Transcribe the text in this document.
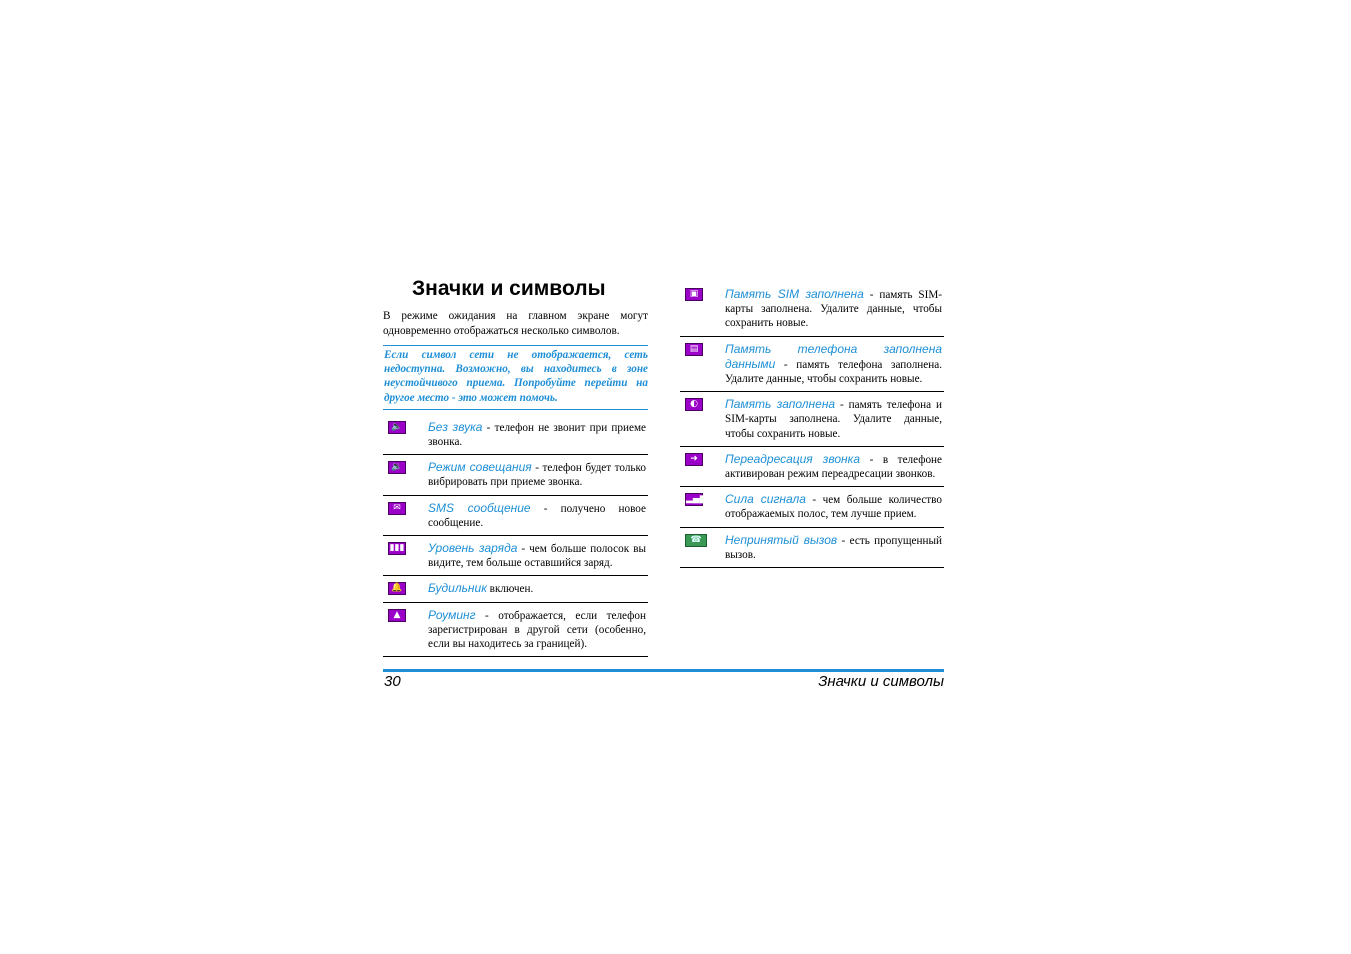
Значки и символы
В режиме ожидания на главном экране могут одновременно отображаться несколько символов.
Если символ сети не отображается, сеть недоступна. Возможно, вы находитесь в зоне неустойчивого приема. Попробуйте перейти на другое место - это может помочь.
🔈	Без звука - телефон не звонит при приеме звонка.

🔉	Режим совещания - телефон будет только вибрировать при приеме звонка.

✉	SMS сообщение - получено новое сообщение.

▮▮▮	Уровень заряда - чем больше полосок вы видите, тем больше оставшийся заряд.

🔔	Будильник включен.

▲	Роуминг - отображается, если телефон зарегистрирован в другой сети (особенно, если вы находитесь за границей).
▣	Память SIM заполнена - память SIM-карты заполнена. Удалите данные, чтобы сохранить новые.

▤	Память телефона заполнена данными - память телефона заполнена. Удалите данные, чтобы сохранить новые.

◐	Память заполнена - память телефона и SIM-карты заполнена. Удалите данные, чтобы сохранить новые.

➜	Переадресация звонка - в телефоне активирован режим переадресации звонков.

▂▄▆	Сила сигнала - чем больше количество отображаемых полос, тем лучше прием.

☎	Непринятый вызов - есть пропущенный вызов.
30	Значки и символы
